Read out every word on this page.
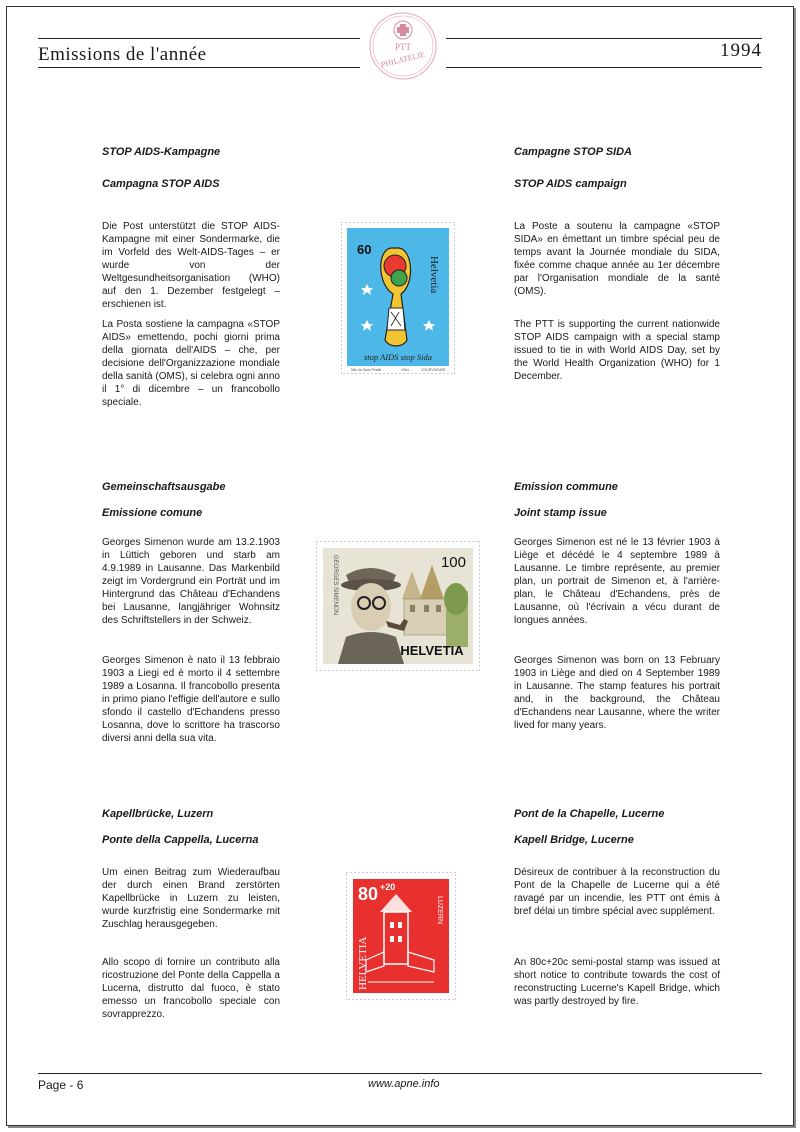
Emissions de l'année	1994
PTT
PHILATELIE
STOP AIDS-Kampagne
Campagna STOP AIDS
Campagne STOP SIDA
STOP AIDS campaign
Die Post unterstützt die STOP AIDS-Kampagne mit einer Sondermarke, die im Vorfeld des Welt-AIDS-Tages – er wurde von der Weltgesundheitsorganisation (WHO) auf den 1. Dezember festgelegt – erschienen ist.
La Posta sostiene la campagna «STOP AIDS» emettendo, pochi giorni prima della giornata dell'AIDS – che, per decisione dell'Organizzazione mondiale della sanità (OMS), si celebra ogni anno il 1° di dicembre – un francobollo speciale.
La Poste a soutenu la campagne «STOP SIDA» en émettant un timbre spécial peu de temps avant la Journée mondiale du SIDA, fixée comme chaque année au 1er décembre par l'Organisation mondiale de la santé (OMS).
The PTT is supporting the current nationwide STOP AIDS campaign with a special stamp issued to tie in with World AIDS Day, set by the World Health Organization (WHO) for 1 December.
60
Helvetia
stop AIDS stop Sida
Niki de Saint Phalle	1994	COURVOISIER
Gemeinschaftsausgabe
Emissione comune
Emission commune
Joint stamp issue
Georges Simenon wurde am 13.2.1903 in Lüttich geboren und starb am 4.9.1989 in Lausanne. Das Markenbild zeigt im Vordergrund ein Porträt und im Hintergrund das Château d'Echandens bei Lausanne, langjähriger Wohnsitz des Schriftstellers in der Schweiz.
Georges Simenon è nato il 13 febbraio 1903 a Liegi ed è morto il 4 settembre 1989 a Losanna. Il francobollo presenta in primo piano l'effigie dell'autore e sullo sfondo il castello d'Echandens presso Losanna, dove lo scrittore ha trascorso diversi anni della sua vita.
Georges Simenon est né le 13 février 1903 à Liège et décédé le 4 septembre 1989 à Lausanne. Le timbre représente, au premier plan, un portrait de Simenon et, à l'arrière-plan, le Château d'Echandens, près de Lausanne, où l'écrivain a vécu durant de longues années.
Georges Simenon was born on 13 February 1903 in Liège and died on 4 September 1989 in Lausanne. The stamp features his portrait and, in the background, the Château d'Echandens near Lausanne, where the writer lived for many years.
GEORGES SIMENON	100
HELVETIA
Kapellbrücke, Luzern
Ponte della Cappella, Lucerna
Pont de la Chapelle, Lucerne
Kapell Bridge, Lucerne
Um einen Beitrag zum Wiederaufbau der durch einen Brand zerstörten Kapellbrücke in Luzern zu leisten, wurde kurzfristig eine Sondermarke mit Zuschlag herausgegeben.
Allo scopo di fornire un contributo alla ricostruzione del Ponte della Cappella a Lucerna, distrutto dal fuoco, è stato emesso un francobollo speciale con sovrapprezzo.
Désireux de contribuer à la reconstruction du Pont de la Chapelle de Lucerne qui a été ravagé par un incendie, les PTT ont émis à bref délai un timbre spécial avec supplément.
An 80c+20c semi-postal stamp was issued at short notice to contribute towards the cost of reconstructing Lucerne's Kapell Bridge, which was partly destroyed by fire.
80 +20
HELVETIA
LUZERN
Page - 6	www.apne.info
